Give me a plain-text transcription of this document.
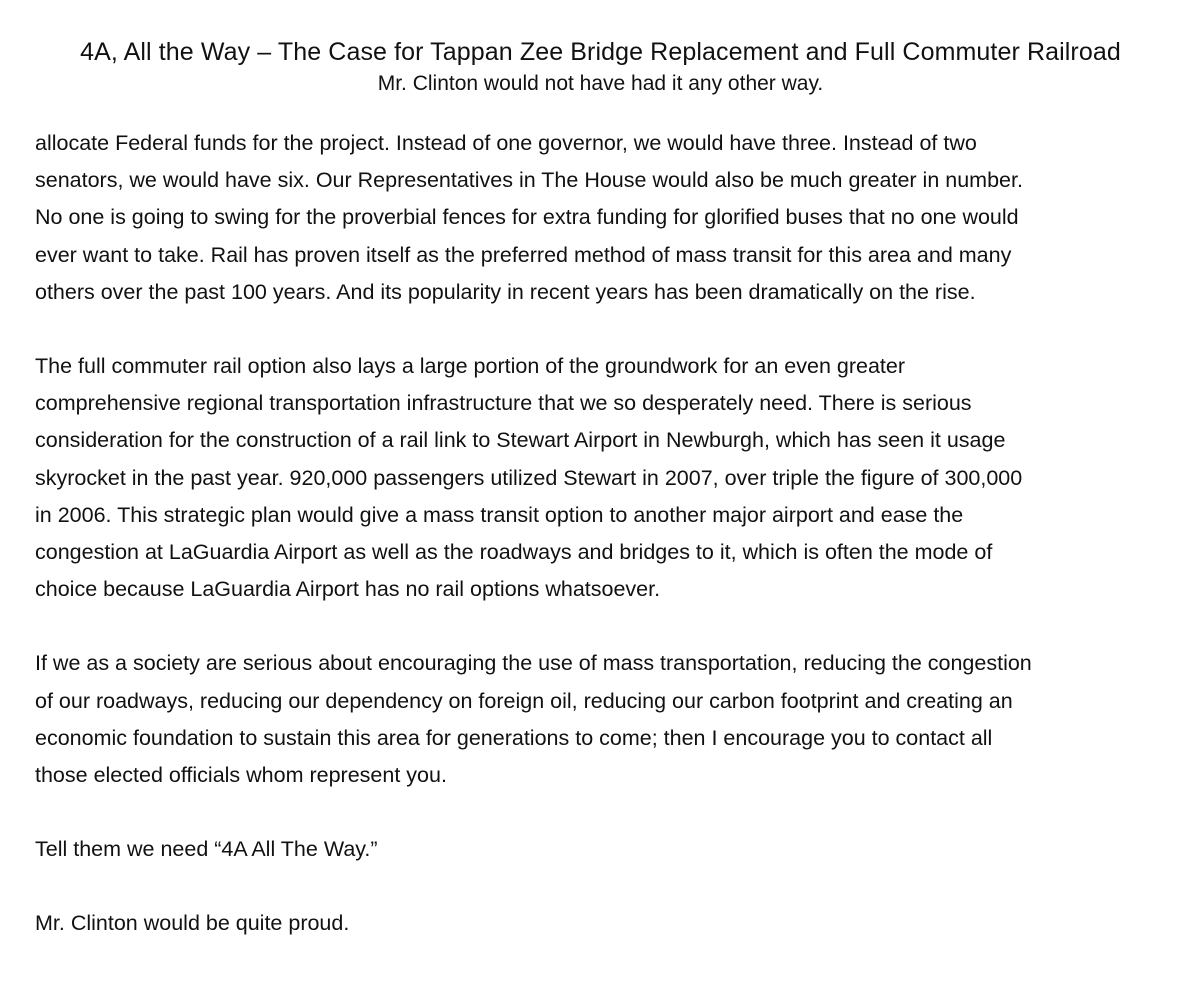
4A, All the Way – The Case for Tappan Zee Bridge Replacement and Full Commuter Railroad

Mr. Clinton would not have had it any other way.

allocate Federal funds for the project. Instead of one governor, we would have three. Instead of two
senators, we would have six. Our Representatives in The House would also be much greater in number.
No one is going to swing for the proverbial fences for extra funding for glorified buses that no one would
ever want to take. Rail has proven itself as the preferred method of mass transit for this area and many
others over the past 100 years. And its popularity in recent years has been dramatically on the rise.

The full commuter rail option also lays a large portion of the groundwork for an even greater
comprehensive regional transportation infrastructure that we so desperately need. There is serious
consideration for the construction of a rail link to Stewart Airport in Newburgh, which has seen it usage
skyrocket in the past year. 920,000 passengers utilized Stewart in 2007, over triple the figure of 300,000
in 2006. This strategic plan would give a mass transit option to another major airport and ease the
congestion at LaGuardia Airport as well as the roadways and bridges to it, which is often the mode of
choice because LaGuardia Airport has no rail options whatsoever.

If we as a society are serious about encouraging the use of mass transportation, reducing the congestion
of our roadways, reducing our dependency on foreign oil, reducing our carbon footprint and creating an
economic foundation to sustain this area for generations to come; then I encourage you to contact all
those elected officials whom represent you.

Tell them we need “4A All The Way.”

Mr. Clinton would be quite proud.
